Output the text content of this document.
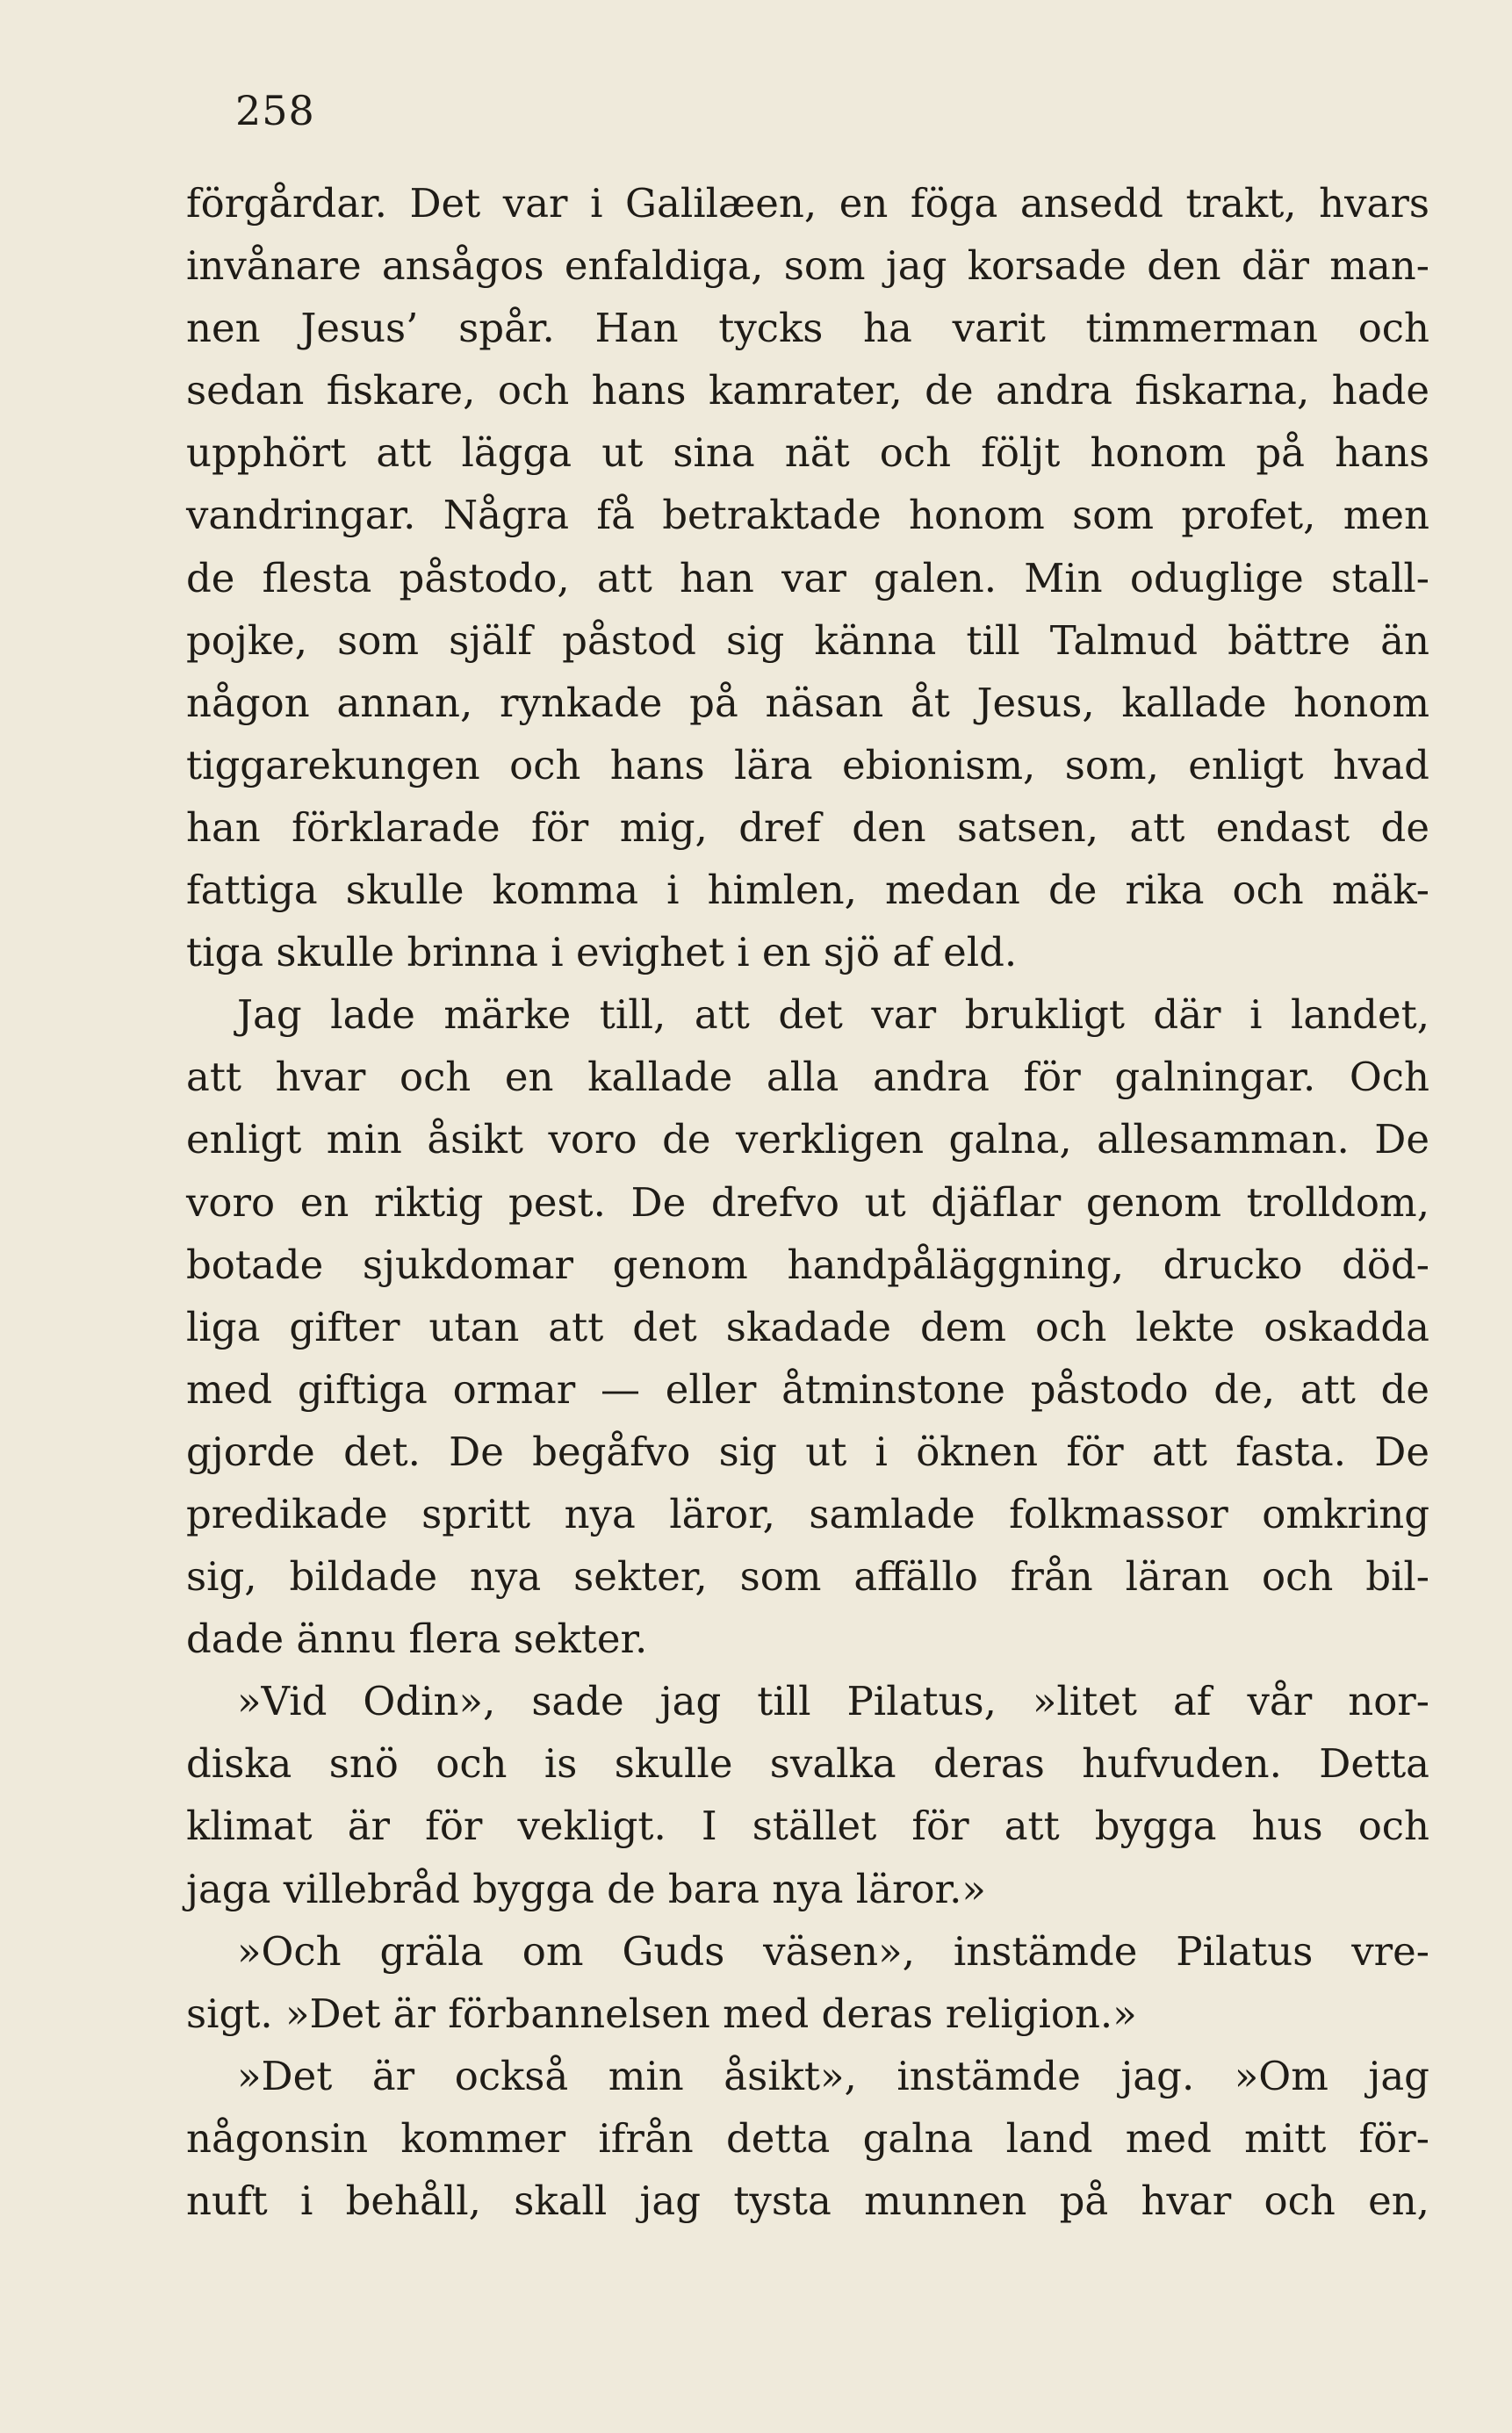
258
förgårdar. Det var i Galilæen, en föga ansedd trakt, hvars
invånare ansågos enfaldiga, som jag korsade den där man-
nen Jesus’ spår. Han tycks ha varit timmerman och
sedan fiskare, och hans kamrater, de andra fiskarna, hade
upphört att lägga ut sina nät och följt honom på hans
vandringar. Några få betraktade honom som profet, men
de flesta påstodo, att han var galen. Min oduglige stall-
pojke, som själf påstod sig känna till Talmud bättre än
någon annan, rynkade på näsan åt Jesus, kallade honom
tiggarekungen och hans lära ebionism, som, enligt hvad
han förklarade för mig, dref den satsen, att endast de
fattiga skulle komma i himlen, medan de rika och mäk-
tiga skulle brinna i evighet i en sjö af eld.
Jag lade märke till, att det var brukligt där i landet,
att hvar och en kallade alla andra för galningar. Och
enligt min åsikt voro de verkligen galna, allesamman. De
voro en riktig pest. De drefvo ut djäflar genom trolldom,
botade sjukdomar genom handpåläggning, drucko död-
liga gifter utan att det skadade dem och lekte oskadda
med giftiga ormar — eller åtminstone påstodo de, att de
gjorde det. De begåfvo sig ut i öknen för att fasta. De
predikade spritt nya läror, samlade folkmassor omkring
sig, bildade nya sekter, som affällo från läran och bil-
dade ännu flera sekter.
»Vid Odin», sade jag till Pilatus, »litet af vår nor-
diska snö och is skulle svalka deras hufvuden. Detta
klimat är för vekligt. I stället för att bygga hus och
jaga villebråd bygga de bara nya läror.»
»Och gräla om Guds väsen», instämde Pilatus vre-
sigt. »Det är förbannelsen med deras religion.»
»Det är också min åsikt», instämde jag. »Om jag
någonsin kommer ifrån detta galna land med mitt för-
nuft i behåll, skall jag tysta munnen på hvar och en,
